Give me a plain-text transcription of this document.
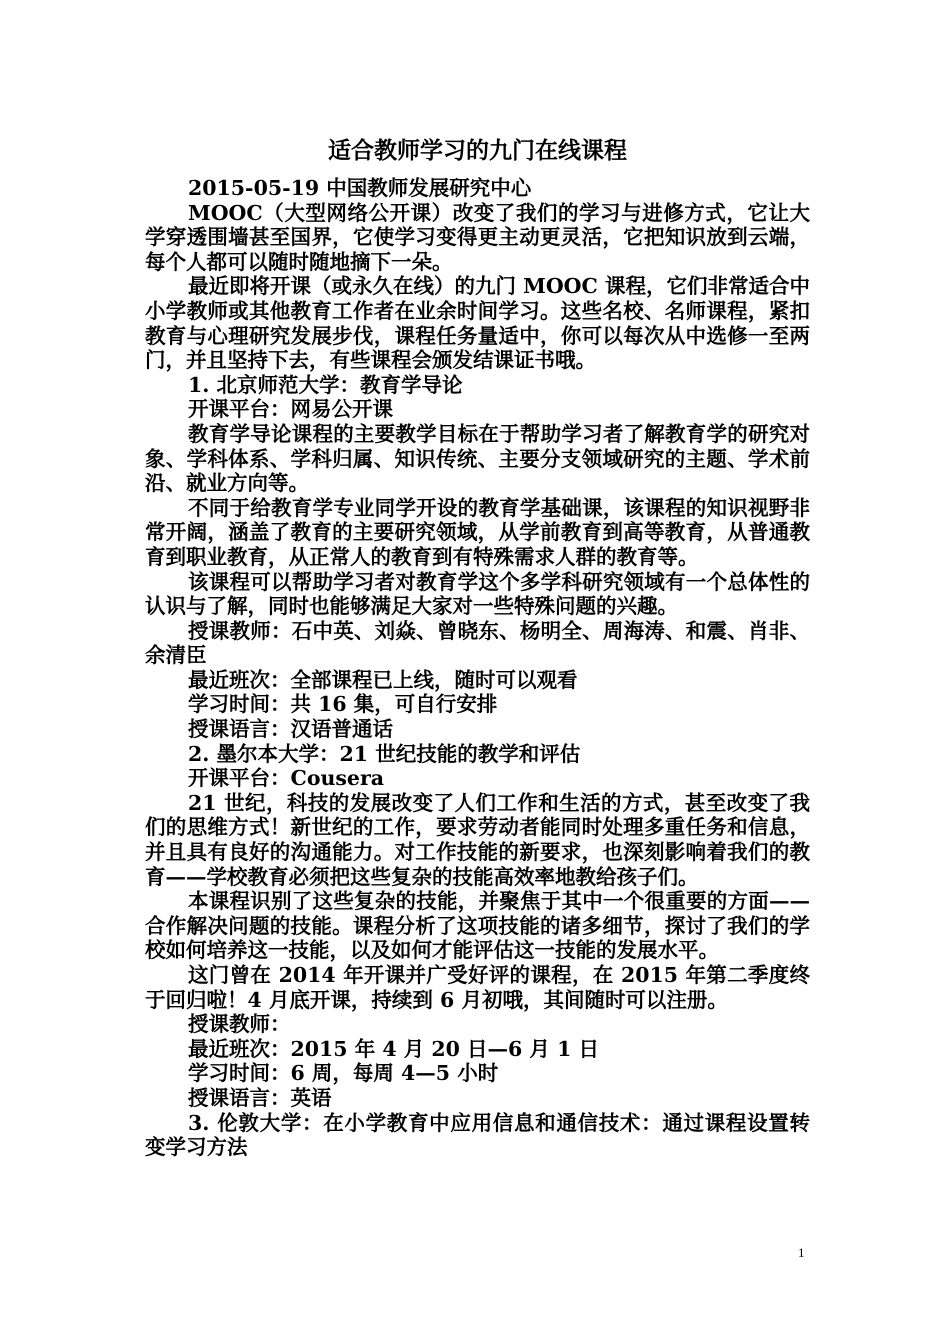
适合教师学习的九门在线课程

2015-05-19 中国教师发展研究中心

MOOC（大型网络公开课）改变了我们的学习与进修方式，它让大学穿透围墙甚至国界，它使学习变得更主动更灵活，它把知识放到云端，每个人都可以随时随地摘下一朵。

最近即将开课（或永久在线）的九门 MOOC 课程，它们非常适合中小学教师或其他教育工作者在业余时间学习。这些名校、名师课程，紧扣教育与心理研究发展步伐，课程任务量适中，你可以每次从中选修一至两门，并且坚持下去，有些课程会颁发结课证书哦。

1. 北京师范大学：教育学导论

开课平台：网易公开课

教育学导论课程的主要教学目标在于帮助学习者了解教育学的研究对象、学科体系、学科归属、知识传统、主要分支领域研究的主题、学术前沿、就业方向等。

不同于给教育学专业同学开设的教育学基础课，该课程的知识视野非常开阔，涵盖了教育的主要研究领域，从学前教育到高等教育，从普通教育到职业教育，从正常人的教育到有特殊需求人群的教育等。

该课程可以帮助学习者对教育学这个多学科研究领域有一个总体性的认识与了解，同时也能够满足大家对一些特殊问题的兴趣。

授课教师：石中英、刘焱、曾晓东、杨明全、周海涛、和震、肖非、余清臣

最近班次：全部课程已上线，随时可以观看

学习时间：共 16 集，可自行安排

授课语言：汉语普通话

2. 墨尔本大学：21 世纪技能的教学和评估

开课平台：Cousera

21 世纪，科技的发展改变了人们工作和生活的方式，甚至改变了我们的思维方式！新世纪的工作，要求劳动者能同时处理多重任务和信息，并且具有良好的沟通能力。对工作技能的新要求，也深刻影响着我们的教育——学校教育必须把这些复杂的技能高效率地教给孩子们。

本课程识别了这些复杂的技能，并聚焦于其中一个很重要的方面——合作解决问题的技能。课程分析了这项技能的诸多细节，探讨了我们的学校如何培养这一技能，以及如何才能评估这一技能的发展水平。

这门曾在 2014 年开课并广受好评的课程，在 2015 年第二季度终于回归啦！4 月底开课，持续到 6 月初哦，其间随时可以注册。

授课教师：

最近班次：2015 年 4 月 20 日—6 月 1 日

学习时间：6 周，每周 4—5 小时

授课语言：英语

3. 伦敦大学：在小学教育中应用信息和通信技术：通过课程设置转变学习方法

1
